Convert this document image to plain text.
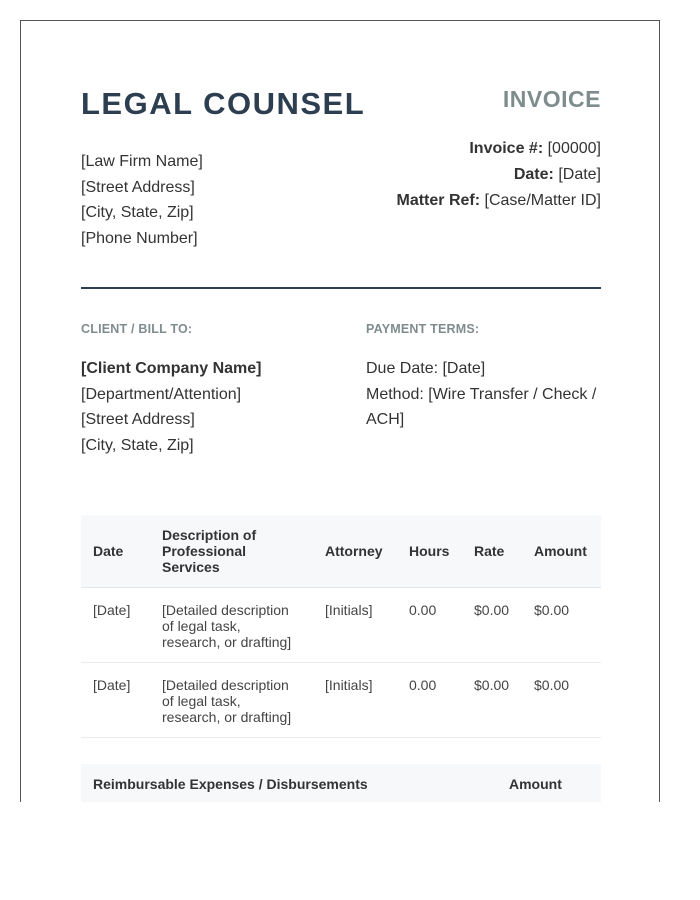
LEGAL COUNSEL	INVOICE
[Law Firm Name]
[Street Address]
[City, State, Zip]
[Phone Number]
Invoice #: [00000]
Date: [Date]
Matter Ref: [Case/Matter ID]
CLIENT / BILL TO:	PAYMENT TERMS:
[Client Company Name]
[Department/Attention]
[Street Address]
[City, State, Zip]
Due Date: [Date]
Method: [Wire Transfer / Check / ACH]
Date	Description of Professional Services	Attorney	Hours	Rate	Amount
[Date]	[Detailed description of legal task, research, or drafting]	[Initials]	0.00	$0.00	$0.00
[Date]	[Detailed description of legal task, research, or drafting]	[Initials]	0.00	$0.00	$0.00
Reimbursable Expenses / Disbursements	Amount
